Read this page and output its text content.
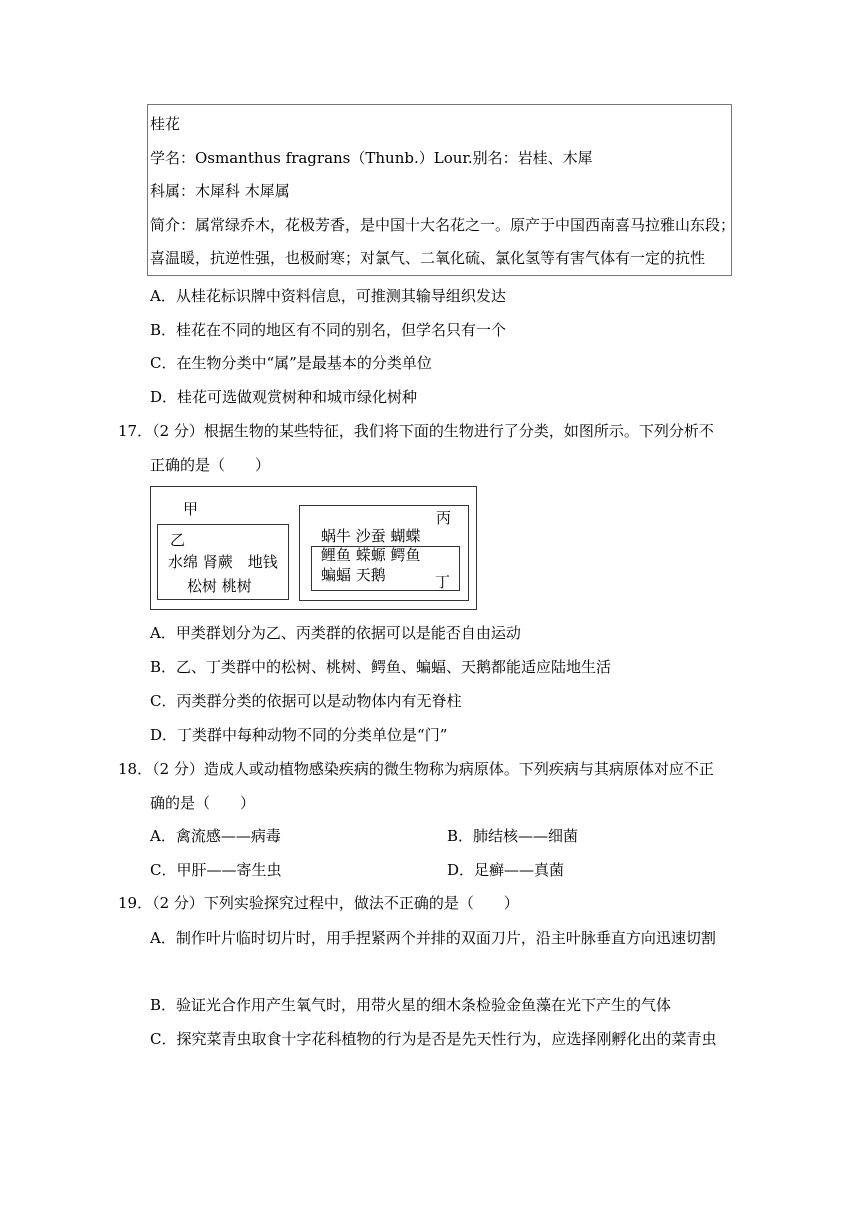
桂花
学名：Osmanthus fragrans（Thunb.）Lour.别名：岩桂、木犀
科属：木犀科 木犀属
简介：属常绿乔木，花极芳香，是中国十大名花之一。原产于中国西南喜马拉雅山东段；
喜温暖，抗逆性强，也极耐寒；对氯气、二氧化硫、氯化氢等有害气体有一定的抗性
A．从桂花标识牌中资料信息，可推测其输导组织发达
B．桂花在不同的地区有不同的别名，但学名只有一个
C．在生物分类中“属”是最基本的分类单位
D．桂花可选做观赏树种和城市绿化树种
17．（2 分）根据生物的某些特征，我们将下面的生物进行了分类，如图所示。下列分析不
正确的是（　　）
甲
乙
水绵 肾蕨　地钱
松树 桃树
丙
蜗牛 沙蚕 蝴蝶
鲤鱼 蝾螈 鳄鱼
蝙蝠 天鹅	丁
A．甲类群划分为乙、丙类群的依据可以是能否自由运动
B．乙、丁类群中的松树、桃树、鳄鱼、蝙蝠、天鹅都能适应陆地生活
C．丙类群分类的依据可以是动物体内有无脊柱
D．丁类群中每种动物不同的分类单位是“门”
18．（2 分）造成人或动植物感染疾病的微生物称为病原体。下列疾病与其病原体对应不正
确的是（　　）
A．禽流感——病毒	B．肺结核——细菌
C．甲肝——寄生虫	D．足癣——真菌
19．（2 分）下列实验探究过程中，做法不正确的是（　　）
A．制作叶片临时切片时，用手捏紧两个并排的双面刀片，沿主叶脉垂直方向迅速切割
B．验证光合作用产生氧气时，用带火星的细木条检验金鱼藻在光下产生的气体
C．探究菜青虫取食十字花科植物的行为是否是先天性行为，应选择刚孵化出的菜青虫
